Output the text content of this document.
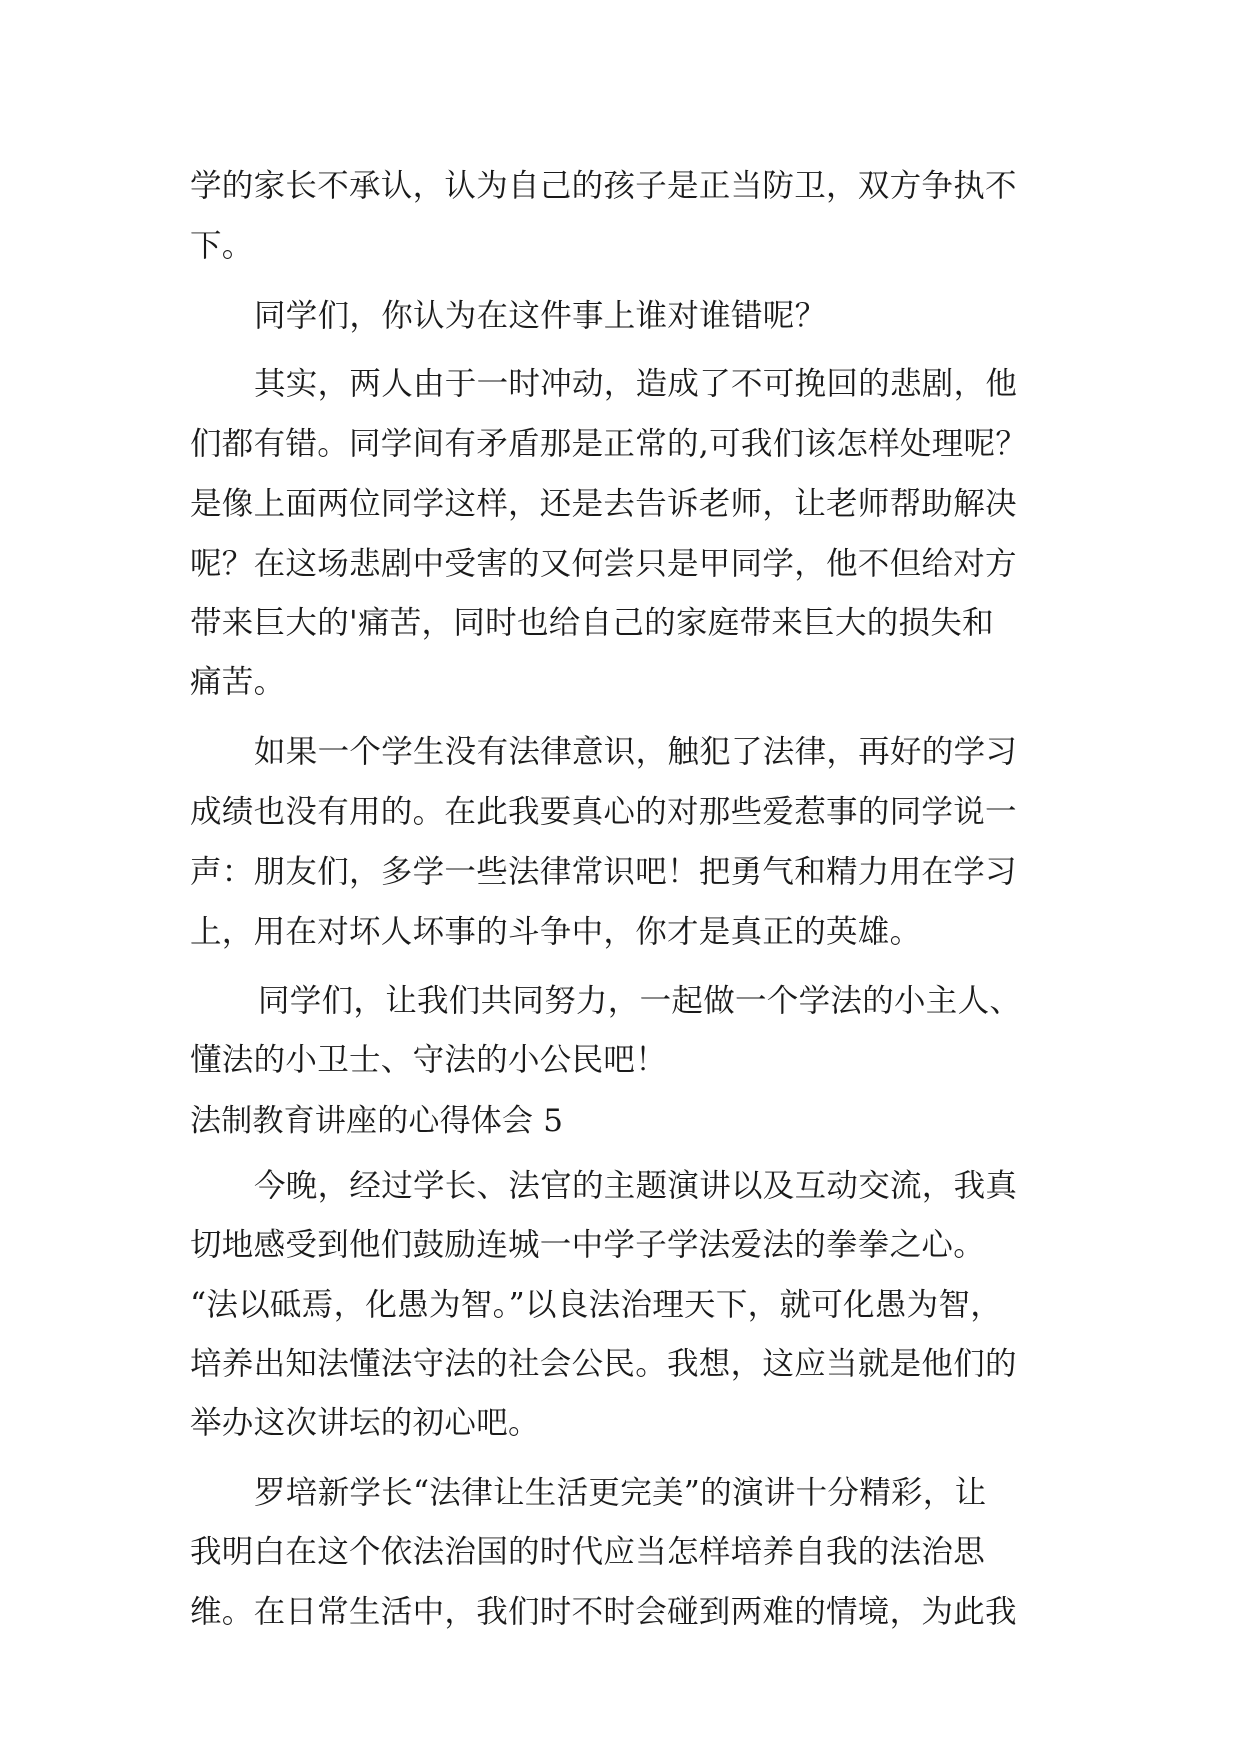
学的家长不承认，认为自己的孩子是正当防卫，双方争执不
下。
同学们，你认为在这件事上谁对谁错呢？
其实，两人由于一时冲动，造成了不可挽回的悲剧，他
们都有错。同学间有矛盾那是正常的,可我们该怎样处理呢？
是像上面两位同学这样，还是去告诉老师，让老师帮助解决
呢？在这场悲剧中受害的又何尝只是甲同学，他不但给对方
带来巨大的'痛苦，同时也给自己的家庭带来巨大的损失和
痛苦。
如果一个学生没有法律意识，触犯了法律，再好的学习
成绩也没有用的。在此我要真心的对那些爱惹事的同学说一
声：朋友们，多学一些法律常识吧！把勇气和精力用在学习
上，用在对坏人坏事的斗争中，你才是真正的英雄。
同学们，让我们共同努力，一起做一个学法的小主人、
懂法的小卫士、守法的小公民吧！
法制教育讲座的心得体会 5
今晚，经过学长、法官的主题演讲以及互动交流，我真
切地感受到他们鼓励连城一中学子学法爱法的拳拳之心。
“法以砥焉，化愚为智。”以良法治理天下，就可化愚为智，
培养出知法懂法守法的社会公民。我想，这应当就是他们的
举办这次讲坛的初心吧。
罗培新学长“法律让生活更完美”的演讲十分精彩，让
我明白在这个依法治国的时代应当怎样培养自我的法治思
维。在日常生活中，我们时不时会碰到两难的情境，为此我
